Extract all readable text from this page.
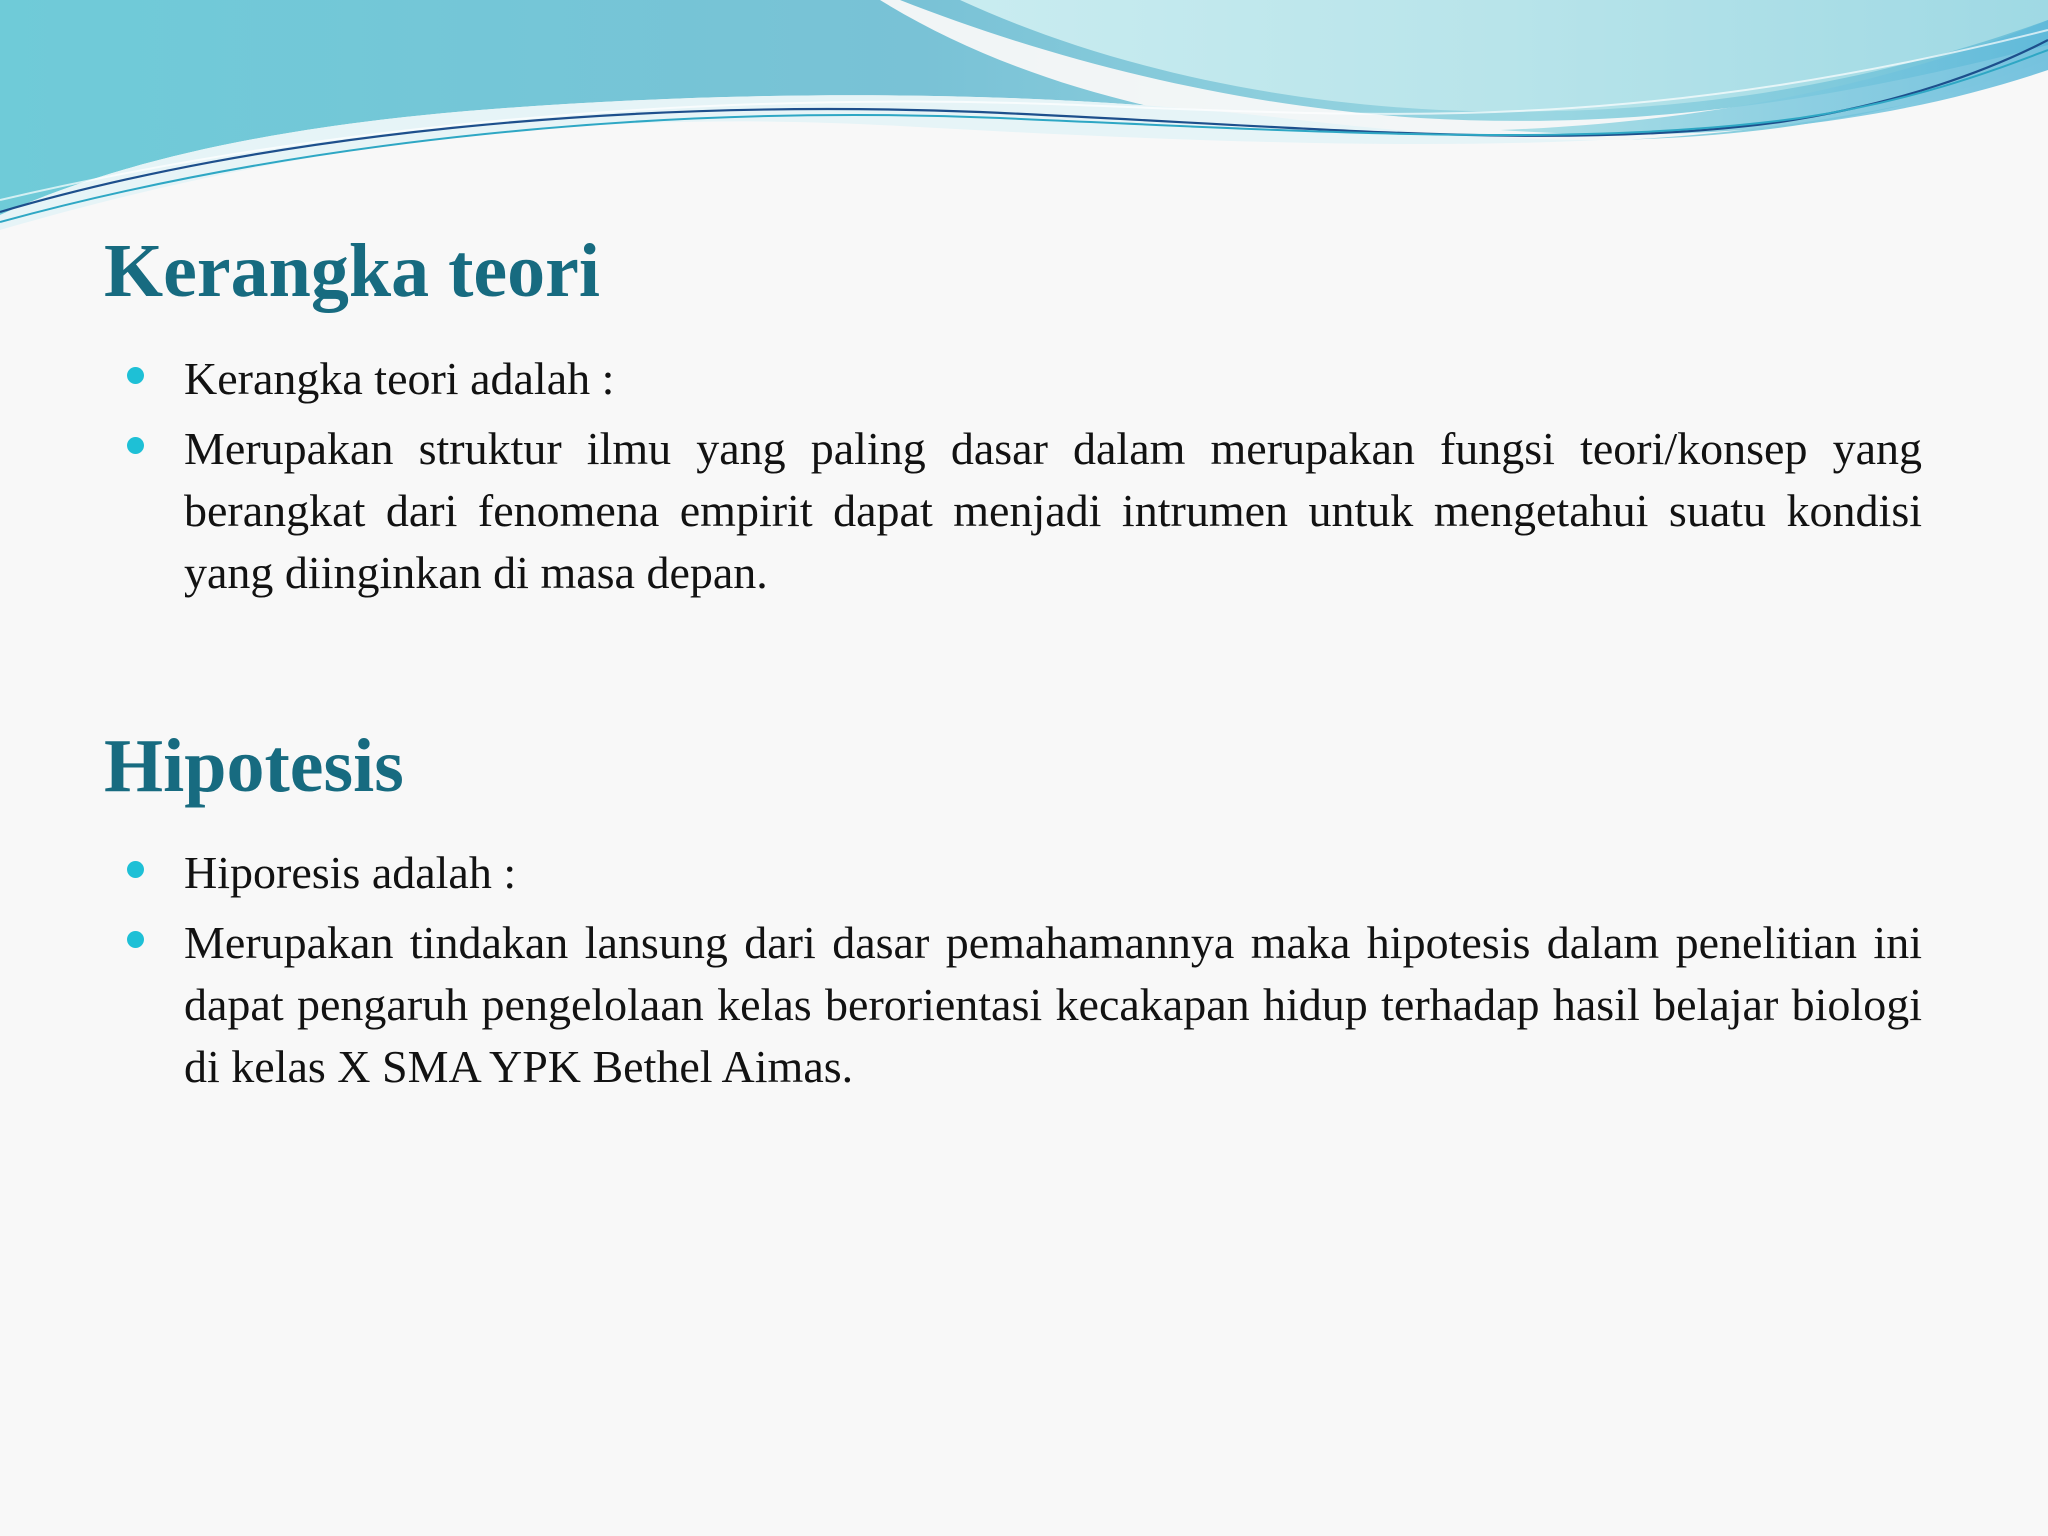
Kerangka teori
Kerangka teori adalah :
Merupakan struktur ilmu yang paling dasar dalam merupakan fungsi teori/konsep yang berangkat dari fenomena empirit dapat menjadi intrumen untuk mengetahui suatu kondisi  yang diinginkan di masa depan.
Hipotesis
Hiporesis adalah :
Merupakan tindakan lansung dari dasar pemahamannya maka hipotesis dalam penelitian ini dapat pengaruh pengelolaan kelas berorientasi kecakapan hidup terhadap hasil belajar biologi di kelas X SMA YPK Bethel Aimas.
